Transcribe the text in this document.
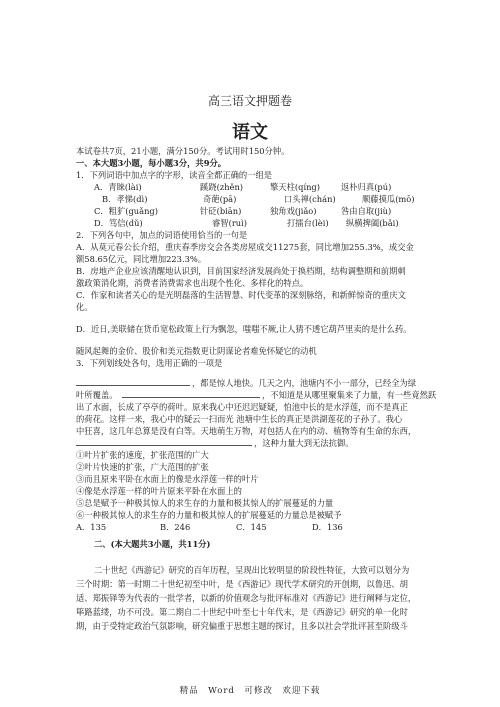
高三语文押题卷
语文
本试卷共7页，21小题，满分150分。考试用时150分钟。
一、本大题3小题，每小题3分，共9分。
1．下列词语中加点字的字形，读音全都正确的一组是
A．青睐(lài)	蹊跷(zhěn)	擎天柱(qíng)	返朴归真(pú)
B．孝悌(dì)	奇葩(pā)	口头禅(chán)	顺藤摸瓜(mō)
C．粗犷(guǎng)	针砭(biān)	独角戏(jiǎo)	咎由自取(jiù)
D．笃信(dǔ)	睿智(ruì)	打擂台(lèi) 纵横捭阖(bǎi)
2．下列各句中，加点的词语使用恰当的一句是
A．从莫元春公长介绍，重庆春季房交会各类房屋成交11275套，同比增加255.3%，成交金
额58.65亿元，同比增加223.3%。
B．房地产企业应该清醒地认识到，目前国家经济发展尚处于换档期，结构调整期和前期刺
激政策消化期，消费者消费需求也出现个性化、多样化的特点。
C．作家和读者关心的是光明磊落的生活智慧、时代变革的深刻脉络，和新鲜惊奇的重庆文
化。
D．近日,美联储在货币宽松政策上行为飘忽，嗤嗤不厥,让人猜不透它葫芦里卖的是什么药。
随风起舞的金价、股价和美元指数更让阴谋论者难免怀疑它的动机
3．下列划线处各句，选用正确的一项是
，都是惊人地快。几天之内，池塘内不小一部分，已经全为绿
叶所覆盖。	，不知道是从哪里聚集来了力量，有一些竟然跃
出了水面，长成了亭亭的荷叶。原来我心中还迟迟疑疑，怕池中长的是水浮莲，而不是真正
的荷花。这样一来，我心中的疑云一扫而光 池塘中生长的真正是洪湖莲花的子孙了。我心
中狂喜，这几年总算是没有白等。天地萌生万物，对包括人在内的动、植物等有生命的东西，
，这种力量大到无法抗御。
①叶片扩张的速度，扩张范围的广大
②叶片快速的扩张，广大范围的扩张
③而且原来平卧在水面上的像是水浮莲一样的叶片
④像是水浮莲一样的叶片原来平卧在水面上的
⑤总是赋予一种极其惊人的求生存的力量和极其惊人的扩展蔓延的力量
⑥一种极其惊人的求生存的力量和极其惊人的扩展蔓延的力量总是被赋予
A．135	B．246	C．145	D．136
二、(本大题共3小题，共11分)
二十世纪《西游记》研究的百年历程，呈现出比较明显的阶段性特征，大致可以划分为
三个时期：第一时期二十世纪初至中叶，是《西游记》现代学术研究的开创期，以鲁迅、胡
适、郑振铎等为代表的一批学者，以新的价值观念与批评标准对《西游记》进行阐释与定位，
筚路蓝缕，功不可没。第二期自二十世纪中叶至七十年代末，是《西游记》研究的单一化时
期，由于受特定政治气氛影响，研究偏重于思想主题的探讨，且多以社会学批评甚至阶级斗
精品　Word　可修改　欢迎下载
